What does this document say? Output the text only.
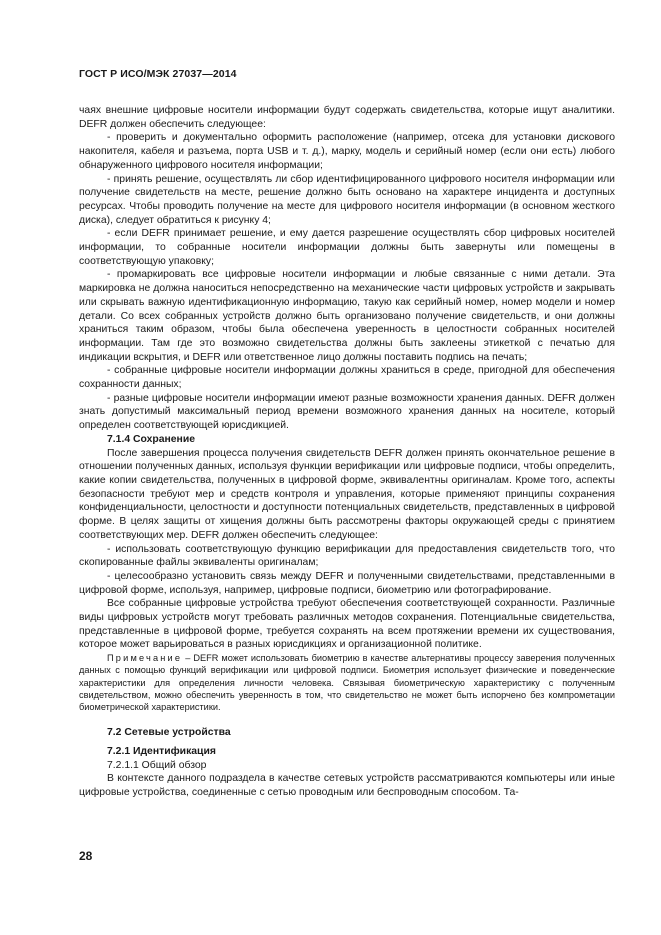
ГОСТ Р ИСО/МЭК 27037—2014

чаях внешние цифровые носители информации будут содержать свидетельства, которые ищут аналитики. DEFR должен обеспечить следующее:

- проверить и документально оформить расположение (например, отсека для установки дискового накопителя, кабеля и разъема, порта USB и т. д.), марку, модель и серийный номер (если они есть) любого обнаруженного цифрового носителя информации;

- принять решение, осуществлять ли сбор идентифицированного цифрового носителя информации или получение свидетельств на месте, решение должно быть основано на характере инцидента и доступных ресурсах. Чтобы проводить получение на месте для цифрового носителя информации (в основном жесткого диска), следует обратиться к рисунку 4;

- если DEFR принимает решение, и ему дается разрешение осуществлять сбор цифровых носителей информации, то собранные носители информации должны быть завернуты или помещены в соответствующую упаковку;

- промаркировать все цифровые носители информации и любые связанные с ними детали. Эта маркировка не должна наноситься непосредственно на механические части цифровых устройств и закрывать или скрывать важную идентификационную информацию, такую как серийный номер, номер модели и номер детали. Со всех собранных устройств должно быть организовано получение свидетельств, и они должны храниться таким образом, чтобы была обеспечена уверенность в целостности собранных носителей информации. Там где это возможно свидетельства должны быть заклеены этикеткой с печатью для индикации вскрытия, и DEFR или ответственное лицо должны поставить подпись на печать;

- собранные цифровые носители информации должны храниться в среде, пригодной для обеспечения сохранности данных;

- разные цифровые носители информации имеют разные возможности хранения данных. DEFR должен знать допустимый максимальный период времени возможного хранения данных на носителе, который определен соответствующей юрисдикцией.

7.1.4 Сохранение

После завершения процесса получения свидетельств DEFR должен принять окончательное решение в отношении полученных данных, используя функции верификации или цифровые подписи, чтобы определить, какие копии свидетельства, полученных в цифровой форме, эквивалентны оригиналам. Кроме того, аспекты безопасности требуют мер и средств контроля и управления, которые применяют принципы сохранения конфиденциальности, целостности и доступности потенциальных свидетельств, представленных в цифровой форме. В целях защиты от хищения должны быть рассмотрены факторы окружающей среды с принятием соответствующих мер. DEFR должен обеспечить следующее:

- использовать соответствующую функцию верификации для предоставления свидетельств того, что скопированные файлы эквиваленты оригиналам;

- целесообразно установить связь между DEFR и полученными свидетельствами, представленными в цифровой форме, используя, например, цифровые подписи, биометрию или фотографирование.

Все собранные цифровые устройства требуют обеспечения соответствующей сохранности. Различные виды цифровых устройств могут требовать различных методов сохранения. Потенциальные свидетельства, представленные в цифровой форме, требуется сохранять на всем протяжении времени их существования, которое может варьироваться в разных юрисдикциях и организационной политике.

Примечание – DEFR может использовать биометрию в качестве альтернативы процессу заверения полученных данных с помощью функций верификации или цифровой подписи. Биометрия использует физические и поведенческие характеристики для определения личности человека. Связывая биометрическую характеристику с полученным свидетельством, можно обеспечить уверенность в том, что свидетельство не может быть испорчено без компрометации биометрической характеристики.

7.2 Сетевые устройства

7.2.1 Идентификация

7.2.1.1 Общий обзор

В контексте данного подраздела в качестве сетевых устройств рассматриваются компьютеры или иные цифровые устройства, соединенные с сетью проводным или беспроводным способом. Та-

28
